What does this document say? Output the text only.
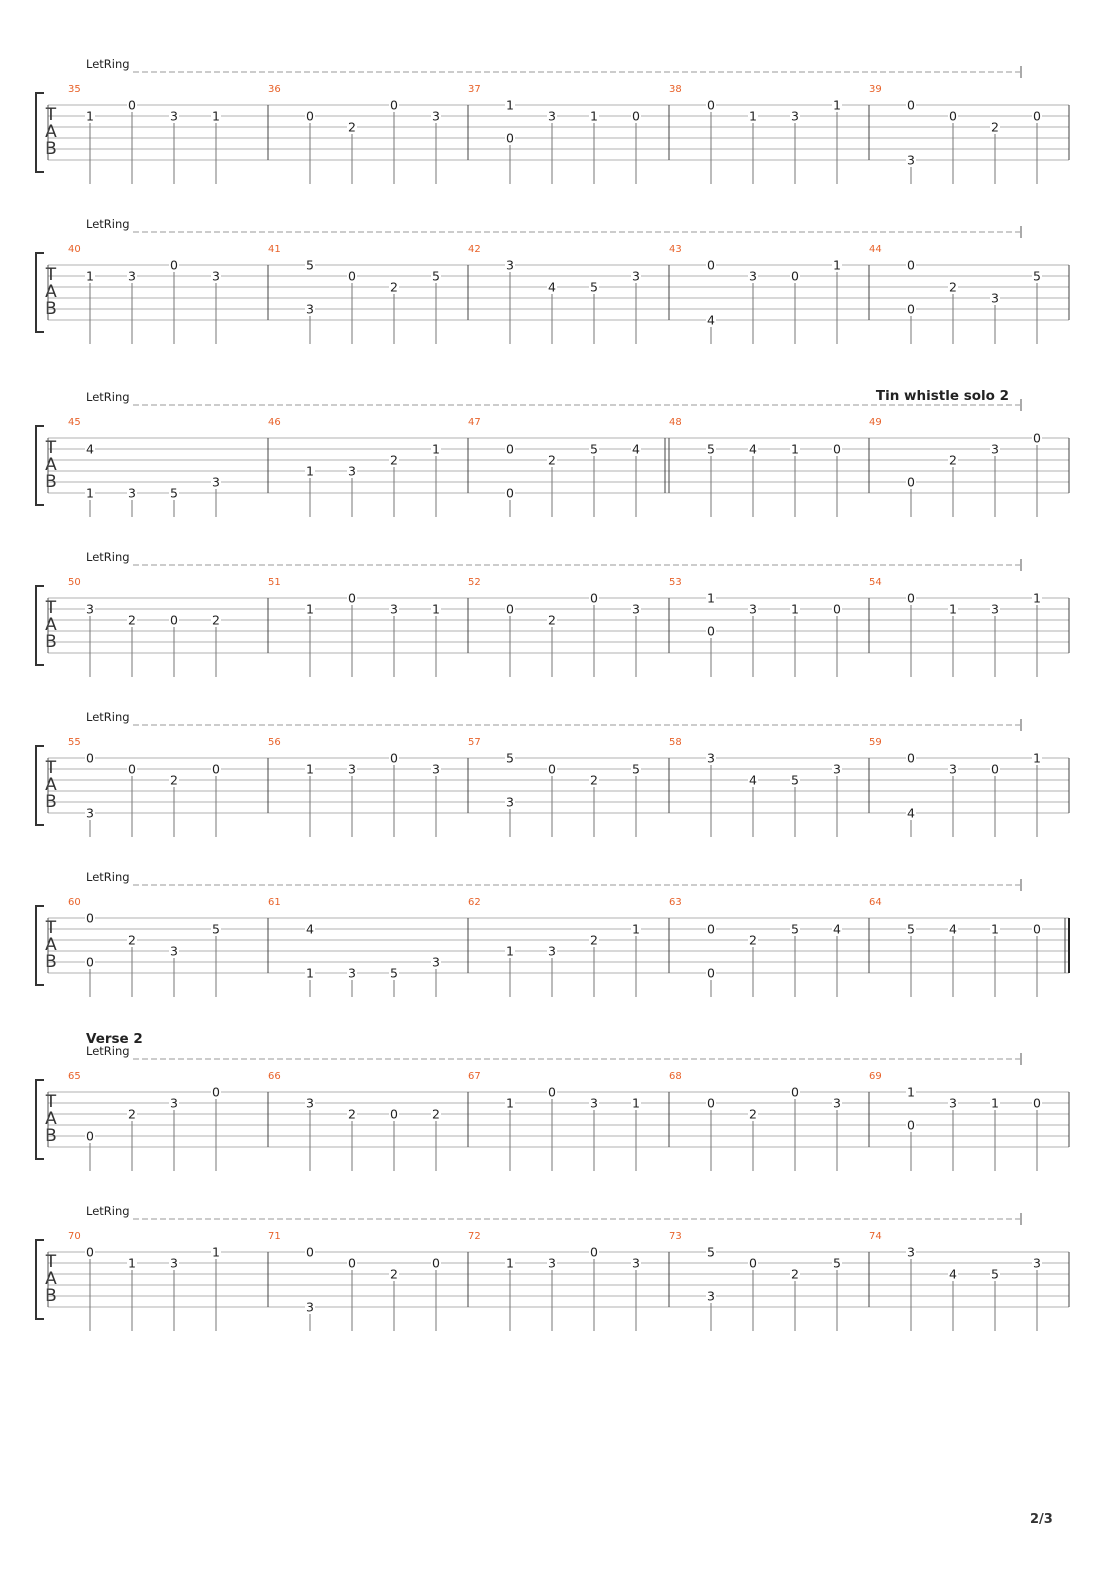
LetRing
T
A
B
35
1
0
3	1
36
0
2
0
3
37
1
0
3	1	0
38
0
1	3
1
39
0
3
0
2
0
LetRing
T
A
B
40
1	3
0
3
41
5
3
0
2
5
42
3
4	5
3
43
0
4
3	0
1
44
0
0
2
3
5
LetRing	Tin whistle solo 2
T
A
B
45
4
1	3	5
3
46
1	3
2
1
47
0
0
2
5	4
48
5	4	1	0
49
0
2
3
0
LetRing
T
A
B
50
3
2	0	2
51
1
0
3	1
52
0
2
0
3
53
1
0
3	1	0
54
0
1	3
1
LetRing
T
A
B
55
0
3
0
2
0
56
1	3
0
3
57
5
3
0
2
5
58
3
4	5
3
59
0
4
3	0
1
LetRing
T
A
B
60
0
0
2
3
5
61
4
1	3	5
3
62
1	3
2
1
63
0
0
2
5	4
64
5	4	1	0
LetRing
Verse 2
T
A
B
65
0
2
3
0
66
3
2	0	2
67
1
0
3	1
68
0
2
0
3
69
1
0
3	1	0
LetRing
T
A
B
70
0
1	3
1
71
0
3
0
2
0
72
1	3
0
3
73
5
3
0
2
5
74
3
4	5
3
2/3
